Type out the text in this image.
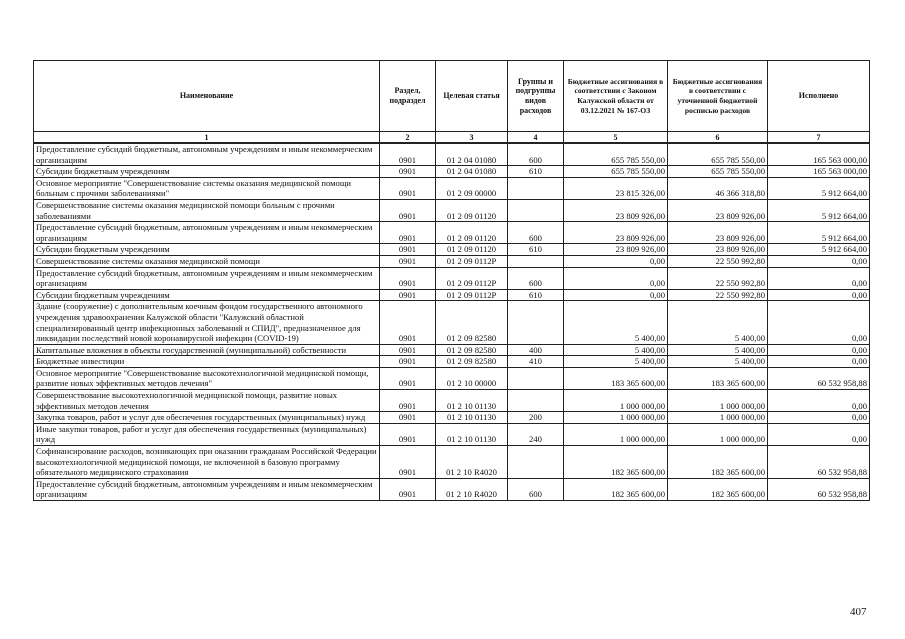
Наименование	Раздел, подраздел	Целевая статья	Группы и подгруппы видов расходов	Бюджетные ассигнования в соответствии с Законом Калужской области от 03.12.2021 № 167-ОЗ	Бюджетные ассигнования в соответствии с уточненной бюджетной росписью расходов	Исполнено
1	2	3	4	5	6	7
Предоставление субсидий бюджетным, автономным учреждениям и иным некоммерческим организациям	0901	01 2 04 01080	600	655 785 550,00	655 785 550,00	165 563 000,00
Субсидии бюджетным учреждениям	0901	01 2 04 01080	610	655 785 550,00	655 785 550,00	165 563 000,00
Основное мероприятие "Совершенствование системы оказания медицинской помощи больным с прочими заболеваниями"	0901	01 2 09 00000		23 815 326,00	46 366 318,80	5 912 664,00
Совершенствование системы оказания медицинской помощи больным с прочими заболеваниями	0901	01 2 09 01120		23 809 926,00	23 809 926,00	5 912 664,00
Предоставление субсидий бюджетным, автономным учреждениям и иным некоммерческим организациям	0901	01 2 09 01120	600	23 809 926,00	23 809 926,00	5 912 664,00
Субсидии бюджетным учреждениям	0901	01 2 09 01120	610	23 809 926,00	23 809 926,00	5 912 664,00
Совершенствование системы оказания медицинской помощи	0901	01 2 09 0112Р		0,00	22 550 992,80	0,00
Предоставление субсидий бюджетным, автономным учреждениям и иным некоммерческим организациям	0901	01 2 09 0112Р	600	0,00	22 550 992,80	0,00
Субсидии бюджетным учреждениям	0901	01 2 09 0112Р	610	0,00	22 550 992,80	0,00
Здание (сооружение) с дополнительным коечным фондом государственного автономного учреждения здравоохранения Калужской области "Калужский областной специализированный центр инфекционных заболеваний и СПИД", предназначенное для ликвидации последствий новой коронавирусной инфекции (COVID-19)	0901	01 2 09 82580		5 400,00	5 400,00	0,00
Капитальные вложения в объекты государственной (муниципальной) собственности	0901	01 2 09 82580	400	5 400,00	5 400,00	0,00
Бюджетные инвестиции	0901	01 2 09 82580	410	5 400,00	5 400,00	0,00
Основное мероприятие "Совершенствование высокотехнологичной медицинской помощи, развитие новых эффективных методов лечения"	0901	01 2 10 00000		183 365 600,00	183 365 600,00	60 532 958,88
Совершенствование высокотехнологичной медицинской помощи, развитие новых эффективных методов лечения	0901	01 2 10 01130		1 000 000,00	1 000 000,00	0,00
Закупка товаров, работ и услуг для обеспечения государственных (муниципальных) нужд	0901	01 2 10 01130	200	1 000 000,00	1 000 000,00	0,00
Иные закупки товаров, работ и услуг для обеспечения государственных (муниципальных) нужд	0901	01 2 10 01130	240	1 000 000,00	1 000 000,00	0,00
Софинансирование расходов, возникающих при оказании гражданам Российской Федерации высокотехнологичной медицинской помощи, не включенной в базовую программу обязательного медицинского страхования	0901	01 2 10 R4020		182 365 600,00	182 365 600,00	60 532 958,88
Предоставление субсидий бюджетным, автономным учреждениям и иным некоммерческим организациям	0901	01 2 10 R4020	600	182 365 600,00	182 365 600,00	60 532 958,88
407
